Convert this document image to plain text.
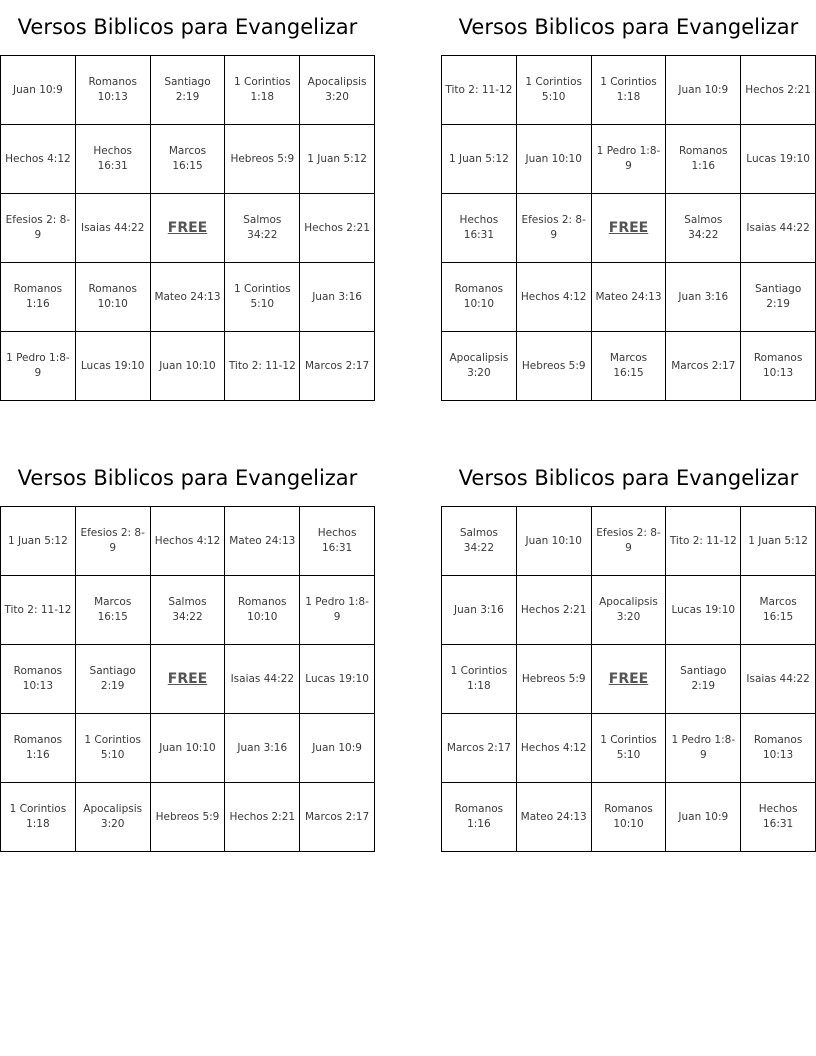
Versos Biblicos para Evangelizar
Juan 10:9	Romanos 10:13	Santiago 2:19	1 Corintios 1:18	Apocalipsis 3:20
Hechos 4:12	Hechos 16:31	Marcos 16:15	Hebreos 5:9	1 Juan 5:12
Efesios 2: 8-9	Isaias 44:22	FREE	Salmos 34:22	Hechos 2:21
Romanos 1:16	Romanos 10:10	Mateo 24:13	1 Corintios 5:10	Juan 3:16
1 Pedro 1:8-9	Lucas 19:10	Juan 10:10	Tito 2: 11-12	Marcos 2:17
Versos Biblicos para Evangelizar
Tito 2: 11-12	1 Corintios 5:10	1 Corintios 1:18	Juan 10:9	Hechos 2:21
1 Juan 5:12	Juan 10:10	1 Pedro 1:8-9	Romanos 1:16	Lucas 19:10
Hechos 16:31	Efesios 2: 8-9	FREE	Salmos 34:22	Isaias 44:22
Romanos 10:10	Hechos 4:12	Mateo 24:13	Juan 3:16	Santiago 2:19
Apocalipsis 3:20	Hebreos 5:9	Marcos 16:15	Marcos 2:17	Romanos 10:13
Versos Biblicos para Evangelizar
1 Juan 5:12	Efesios 2: 8-9	Hechos 4:12	Mateo 24:13	Hechos 16:31
Tito 2: 11-12	Marcos 16:15	Salmos 34:22	Romanos 10:10	1 Pedro 1:8-9
Romanos 10:13	Santiago 2:19	FREE	Isaias 44:22	Lucas 19:10
Romanos 1:16	1 Corintios 5:10	Juan 10:10	Juan 3:16	Juan 10:9
1 Corintios 1:18	Apocalipsis 3:20	Hebreos 5:9	Hechos 2:21	Marcos 2:17
Versos Biblicos para Evangelizar
Salmos 34:22	Juan 10:10	Efesios 2: 8-9	Tito 2: 11-12	1 Juan 5:12
Juan 3:16	Hechos 2:21	Apocalipsis 3:20	Lucas 19:10	Marcos 16:15
1 Corintios 1:18	Hebreos 5:9	FREE	Santiago 2:19	Isaias 44:22
Marcos 2:17	Hechos 4:12	1 Corintios 5:10	1 Pedro 1:8-9	Romanos 10:13
Romanos 1:16	Mateo 24:13	Romanos 10:10	Juan 10:9	Hechos 16:31
